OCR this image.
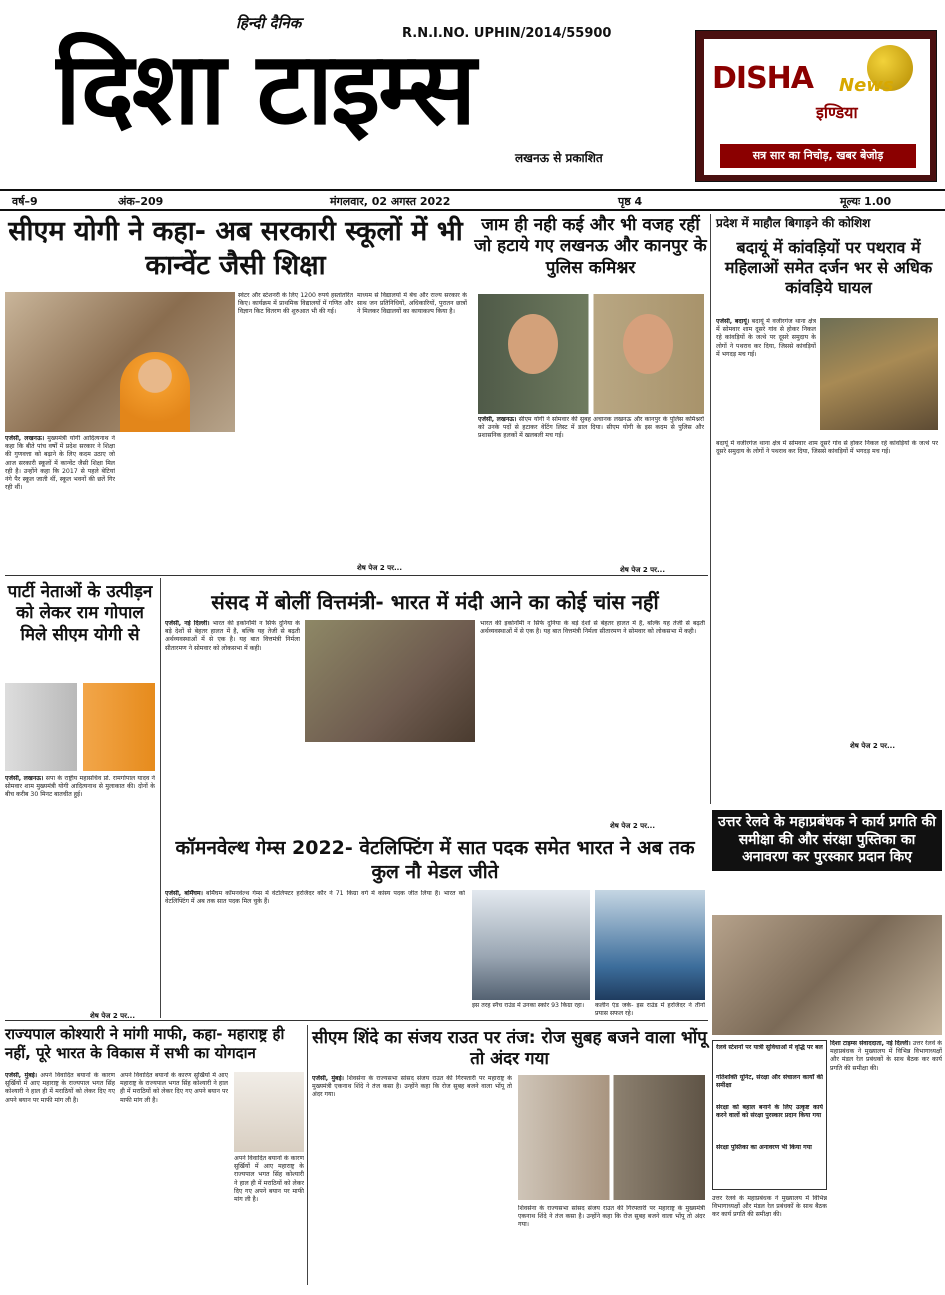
हिन्दी दैनिक
दिशा टाइम्स
R.N.I.NO. UPHIN/2014/55900
लखनऊ से प्रकाशित
DISHA News
इण्डिया
सत्र सार का निचोड़, खबर बेजोड़
वर्ष–9	अंक–209	मंगलवार, 02 अगस्त 2022	पृष्ठ 4	मूल्यः 1.00
सीएम योगी ने कहा- अब सरकारी स्कूलों में भी कान्वेंट जैसी शिक्षा
एजेंसी, लखनऊ। मुख्यमंत्री योगी आदित्यनाथ ने कहा कि बीते पांच वर्षों में प्रदेश सरकार ने शिक्षा की गुणवत्ता को बढ़ाने के लिए कदम उठाए जो आज सरकारी स्कूलों में कान्वेंट जैसी शिक्षा मिल रही है। उन्होंने कहा कि 2017 से पहले बेटियां नंगे पैर स्कूल जाती थीं, स्कूल भवनों की छतें गिर रही थीं।
स्वेटर और स्टेशनरी के लिए 1200 रुपये हस्तांतरित किए। कार्यक्रम में प्राथमिक विद्यालयों में गणित और विज्ञान किट वितरण की शुरुआत भी की गई।
माध्यम से विद्यालयों में बेंच और राज्य सरकार के साथ जन प्रतिनिधियों, अधिकारियों, पुरातन छात्रों ने मिलकर विद्यालयों का कायाकल्प किया है।
शेष पेज 2 पर...
जाम ही नही कई और भी वजह रहीं जो हटाये गए लखनऊ और कानपुर के पुलिस कमिश्नर
एजेंसी, लखनऊ। सीएम योगी ने सोमवार की सुबह अचानक लखनऊ और कानपुर के पुलिस कमिश्नरों को उनके पदों से हटाकर वेटिंग लिस्ट में डाल दिया। सीएम योगी के इस कदम से पुलिस और प्रशासनिक हलकों में खलबली मच गई।
शेष पेज 2 पर...
प्रदेश में माहौल बिगाड़ने की कोशिश
बदायूं में कांवड़ियों पर पथराव में महिलाओं समेत दर्जन भर से अधिक कांवड़िये घायल
एजेंसी, बदायूं। बदायूं में वजीरगंज थाना क्षेत्र में सोमवार शाम दूसरे गांव से होकर निकल रहे कांवड़ियों के जत्थे पर दूसरे समुदाय के लोगों ने पथराव कर दिया, जिससे कांवड़ियों में भगदड़ मच गई।
बदायूं में वजीरगंज थाना क्षेत्र में सोमवार शाम दूसरे गांव से होकर निकल रहे कांवड़ियों के जत्थे पर दूसरे समुदाय के लोगों ने पथराव कर दिया, जिससे कांवड़ियों में भगदड़ मच गई।
शेष पेज 2 पर...
पार्टी नेताओं के उत्पीड़न को लेकर राम गोपाल मिले सीएम योगी से
एजेंसी, लखनऊ। सपा के राष्ट्रीय महासचिव प्रो. रामगोपाल यादव ने सोमवार शाम मुख्यमंत्री योगी आदित्यनाथ से मुलाकात की। दोनों के बीच करीब 30 मिनट बातचीत हुई।
शेष पेज 2 पर...
संसद में बोलीं वित्तमंत्री- भारत में मंदी आने का कोई चांस नहीं
एजेंसी, नई दिल्ली। भारत की इकोनॉमी न सिर्फ दुनिया के बड़े देशों से बेहतर हालत में है, बल्कि यह तेजी से बढ़ती अर्थव्यवस्थाओं में से एक है। यह बात वित्तमंत्री निर्मला सीतारमण ने सोमवार को लोकसभा में कही।
भारत की इकोनॉमी न सिर्फ दुनिया के बड़े देशों से बेहतर हालत में है, बल्कि यह तेजी से बढ़ती अर्थव्यवस्थाओं में से एक है। यह बात वित्तमंत्री निर्मला सीतारमण ने सोमवार को लोकसभा में कही।
शेष पेज 2 पर...
कॉमनवेल्थ गेम्स 2022- वेटलिफ्टिंग में सात पदक समेत भारत ने अब तक कुल नौ मेडल जीते
एजेंसी, बर्मिंघम। बर्मिंघम कॉमनवेल्थ गेम्स में वेटलिफ्टर हरजिंदर कौर ने 71 किग्रा वर्ग में कांस्य पदक जीत लिया है। भारत को वेटलिफ्टिंग में अब तक सात पदक मिल चुके हैं।
इस तरह स्नैच राउंड में उनका स्कोर 93 किग्रा रहा।	कलीन एंड जर्क- इस राउंड में हरजिंदर ने तीनों प्रयास सफल रहे।
उत्तर रेलवे के महाप्रबंधक ने कार्य प्रगति की समीक्षा की और संरक्षा पुस्तिका का अनावरण कर पुरस्कार प्रदान किए
रेलवे स्टेशनों पर यात्री सुविधाओं में वृद्धि पर बल
गतिशक्ति यूनिट, संरक्षा और संचालन कार्यों की समीक्षा
संरक्षा को बहाल बनाने के लिए उत्कृष्ट कार्य करने वालों को संरक्षा पुरस्कार प्रदान किया गया
संरक्षा पुस्तिका का अनावरण भी किया गया
दिशा टाइम्स संवाददाता, नई दिल्ली। उत्तर रेलवे के महाप्रबंधक ने मुख्यालय में विभिन्न विभागाध्यक्षों और मंडल रेल प्रबंधकों के साथ बैठक कर कार्य प्रगति की समीक्षा की।
उत्तर रेलवे के महाप्रबंधक ने मुख्यालय में विभिन्न विभागाध्यक्षों और मंडल रेल प्रबंधकों के साथ बैठक कर कार्य प्रगति की समीक्षा की।
राज्यपाल कोश्यारी ने मांगी माफी, कहा- महाराष्ट्र ही नहीं, पूरे भारत के विकास में सभी का योगदान
एजेंसी, मुंबई। अपने विवादित बयानों के कारण सुर्खियों में आए महाराष्ट्र के राज्यपाल भगत सिंह कोश्यारी ने हाल ही में मराठियों को लेकर दिए गए अपने बयान पर माफी मांग ली है।
अपने विवादित बयानों के कारण सुर्खियों में आए महाराष्ट्र के राज्यपाल भगत सिंह कोश्यारी ने हाल ही में मराठियों को लेकर दिए गए अपने बयान पर माफी मांग ली है।
अपने विवादित बयानों के कारण सुर्खियों में आए महाराष्ट्र के राज्यपाल भगत सिंह कोश्यारी ने हाल ही में मराठियों को लेकर दिए गए अपने बयान पर माफी मांग ली है।
सीएम शिंदे का संजय राउत पर तंज: रोज सुबह बजने वाला भोंपू तो अंदर गया
एजेंसी, मुंबई। शिवसेना के राज्यसभा सांसद संजय राउत की गिरफ्तारी पर महाराष्ट्र के मुख्यमंत्री एकनाथ शिंदे ने तंज कसा है। उन्होंने कहा कि रोज सुबह बजने वाला भोंपू तो अंदर गया।
शिवसेना के राज्यसभा सांसद संजय राउत की गिरफ्तारी पर महाराष्ट्र के मुख्यमंत्री एकनाथ शिंदे ने तंज कसा है। उन्होंने कहा कि रोज सुबह बजने वाला भोंपू तो अंदर गया।
